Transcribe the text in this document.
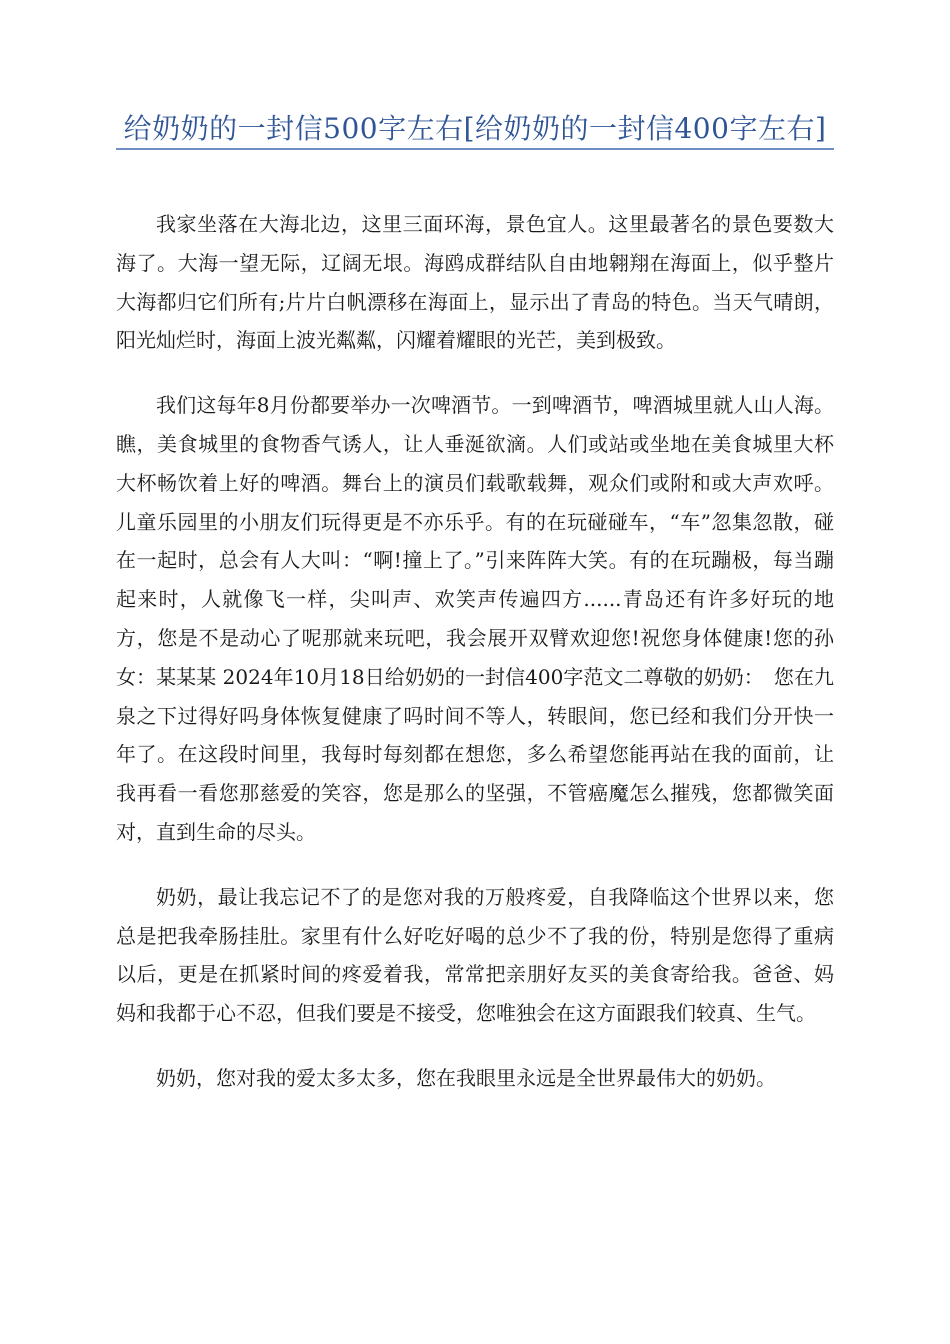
给奶奶的一封信500字左右[给奶奶的一封信400字左右]

我家坐落在大海北边，这里三面环海，景色宜人。这里最著名的景色要数大海了。大海一望无际，辽阔无垠。海鸥成群结队自由地翱翔在海面上，似乎整片大海都归它们所有;片片白帆漂移在海面上，显示出了青岛的特色。当天气晴朗，阳光灿烂时，海面上波光粼粼，闪耀着耀眼的光芒，美到极致。

我们这每年8月份都要举办一次啤酒节。一到啤酒节，啤酒城里就人山人海。瞧，美食城里的食物香气诱人，让人垂涎欲滴。人们或站或坐地在美食城里大杯大杯畅饮着上好的啤酒。舞台上的演员们载歌载舞，观众们或附和或大声欢呼。儿童乐园里的小朋友们玩得更是不亦乐乎。有的在玩碰碰车，“车”忽集忽散，碰在一起时，总会有人大叫：“啊!撞上了。”引来阵阵大笑。有的在玩蹦极，每当蹦起来时，人就像飞一样，尖叫声、欢笑声传遍四方......青岛还有许多好玩的地方，您是不是动心了呢那就来玩吧，我会展开双臂欢迎您!祝您身体健康!您的孙女：某某某 2024年10月18日给奶奶的一封信400字范文二尊敬的奶奶：　您在九泉之下过得好吗身体恢复健康了吗时间不等人，转眼间，您已经和我们分开快一年了。在这段时间里，我每时每刻都在想您，多么希望您能再站在我的面前，让我再看一看您那慈爱的笑容，您是那么的坚强，不管癌魔怎么摧残，您都微笑面对，直到生命的尽头。

奶奶，最让我忘记不了的是您对我的万般疼爱，自我降临这个世界以来，您总是把我牵肠挂肚。家里有什么好吃好喝的总少不了我的份，特别是您得了重病以后，更是在抓紧时间的疼爱着我，常常把亲朋好友买的美食寄给我。爸爸、妈妈和我都于心不忍，但我们要是不接受，您唯独会在这方面跟我们较真、生气。

奶奶，您对我的爱太多太多，您在我眼里永远是全世界最伟大的奶奶。
